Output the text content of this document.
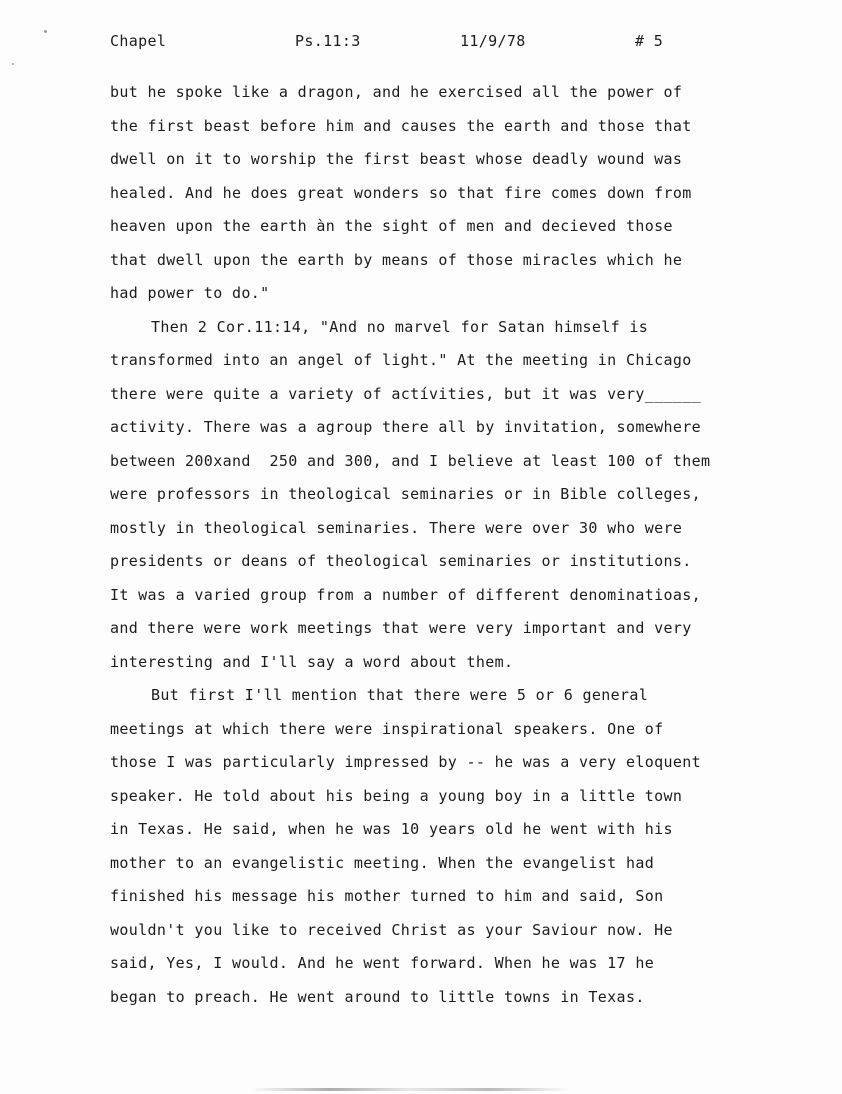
Chapel	Ps.11:3	11/9/78	# 5
but he spoke like a dragon, and he exercised all the power of
the first beast before him and causes the earth and those that
dwell on it to worship the first beast whose deadly wound was
healed. And he does great wonders so that fire comes down from
heaven upon the earth àn the sight of men and decieved those
that dwell upon the earth by means of those miracles which he
had power to do."
Then 2 Cor.11:14, "And no marvel for Satan himself is
transformed into an angel of light." At the meeting in Chicago
there were quite a variety of actívities, but it was very______
activity. There was a agroup there all by invitation, somewhere
between 200xand  250 and 300, and I believe at least 100 of them
were professors in theological seminaries or in Bible colleges,
mostly in theological seminaries. There were over 30 who were
presidents or deans of theological seminaries or institutions.
It was a varied group from a number of different denominatioas,
and there were work meetings that were very important and very
interesting and I'll say a word about them.
But first I'll mention that there were 5 or 6 general
meetings at which there were inspirational speakers. One of
those I was particularly impressed by -- he was a very eloquent
speaker. He told about his being a young boy in a little town
in Texas. He said, when he was 10 years old he went with his
mother to an evangelistic meeting. When the evangelist had
finished his message his mother turned to him and said, Son
wouldn't you like to received Christ as your Saviour now. He
said, Yes, I would. And he went forward. When he was 17 he
began to preach. He went around to little towns in Texas.
